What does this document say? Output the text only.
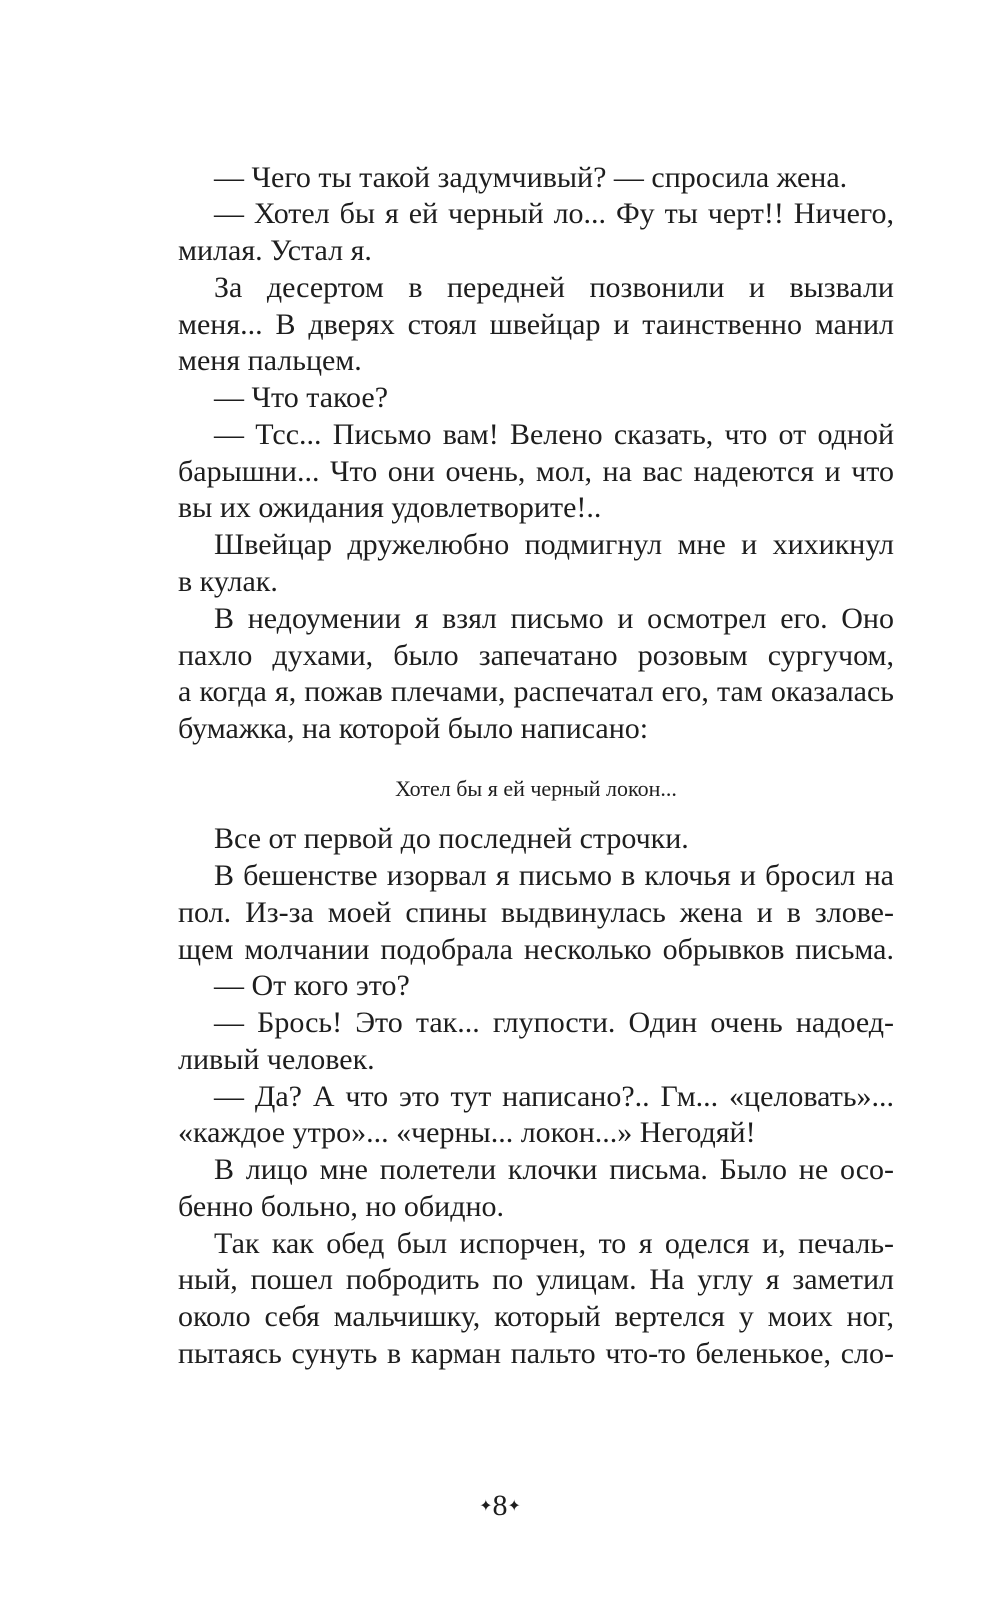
— Чего ты такой задумчивый? — спросила жена.
— Хотел бы я ей черный ло... Фу ты черт!! Ничего,
милая. Устал я.
За десертом в передней позвонили и вызвали
меня... В дверях стоял швейцар и таинственно манил
меня пальцем.
— Что такое?
— Тсс... Письмо вам! Велено сказать, что от одной
барышни... Что они очень, мол, на вас надеются и что
вы их ожидания удовлетворите!..
Швейцар дружелюбно подмигнул мне и хихикнул
в кулак.
В недоумении я взял письмо и осмотрел его. Оно
пахло духами, было запечатано розовым сургучом,
а когда я, пожав плечами, распечатал его, там оказалась
бумажка, на которой было написано:
Хотел бы я ей черный локон...
Все от первой до последней строчки.
В бешенстве изорвал я письмо в клочья и бросил на
пол. Из-за моей спины выдвинулась жена и в злове-
щем молчании подобрала несколько обрывков письма.
— От кого это?
— Брось! Это так... глупости. Один очень надоед-
ливый человек.
— Да? А что это тут написано?.. Гм... «целовать»...
«каждое утро»... «черны... локон...» Негодяй!
В лицо мне полетели клочки письма. Было не осо-
бенно больно, но обидно.
Так как обед был испорчен, то я оделся и, печаль-
ный, пошел побродить по улицам. На углу я заметил
около себя мальчишку, который вертелся у моих ног,
пытаясь сунуть в карман пальто что-то беленькое, сло-
✦8✦
